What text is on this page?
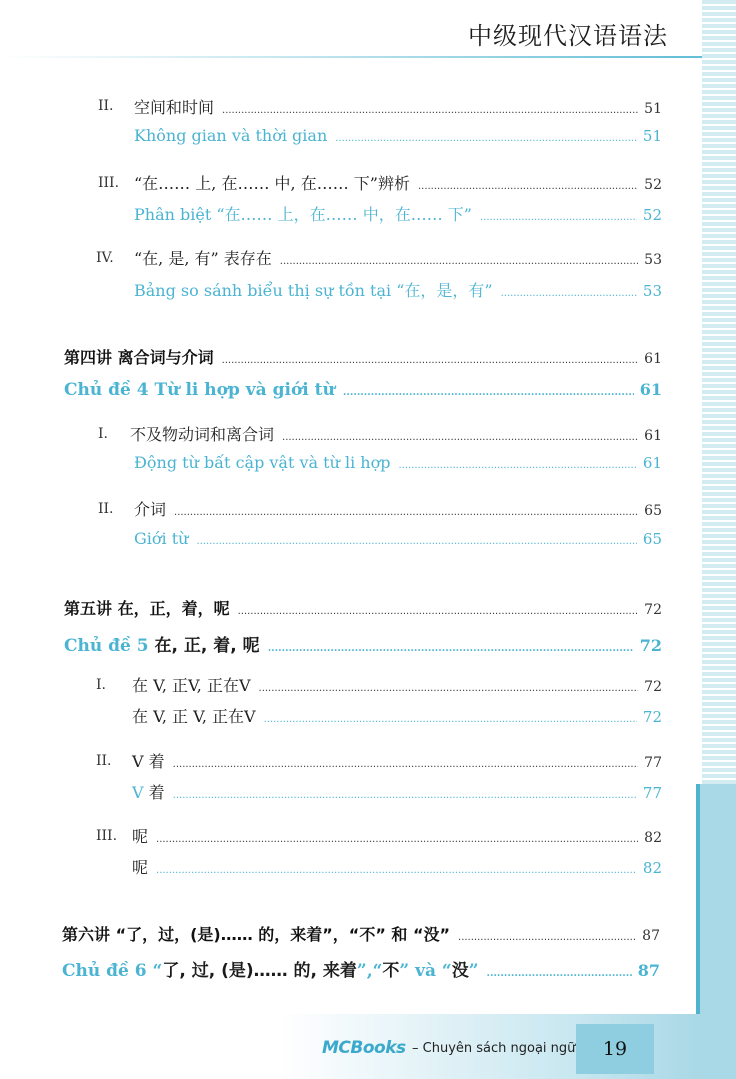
中级现代汉语语法
II. 空间和时间 .....	51
Không gian và thời gian .....	51
III. “在…… 上, 在…… 中, 在…… 下”辨析 .....	52
Phân biệt “在…… 上，在…… 中，在…… 下” .....	52
IV. “在, 是, 有” 表存在 .....	53
Bảng so sánh biểu thị sự tồn tại “在，是，有” .....	53
第四讲 离合词与介词 .....	61
Chủ đề 4 Từ li hợp và giới từ .....	61
I. 不及物动词和离合词 .....	61
Động từ bất cập vật và từ li hợp .....	61
II. 介词 .....	65
Giới từ .....	65
第五讲 在，正，着，呢 .....	72
Chủ đề 5 在, 正, 着, 呢 .....	72
I. 在 V, 正V, 正在V .....	72
在 V, 正 V, 正在V .....	72
II. V 着 .....	77
V 着 .....	77
III. 呢 .....	82
呢 .....	82
第六讲 “了，过，(是)…… 的，来着”，“不” 和 “没” .....	87
Chủ đề 6 “了, 过, (是)…… 的, 来着”,“不” và “没” .....	87
MCBooks – Chuyên sách ngoại ngữ	19
